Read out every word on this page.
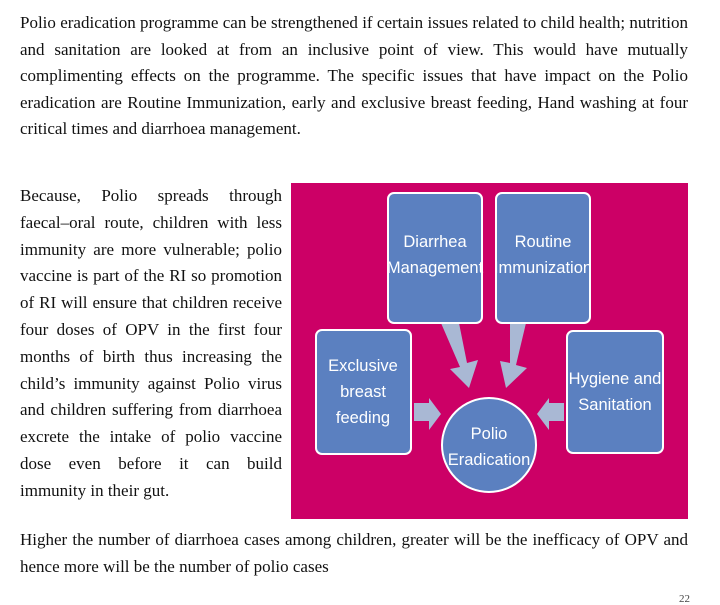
Polio eradication programme can be strengthened if certain issues related to child health; nutrition and sanitation are looked at from an inclusive point of view. This would have mutually complimenting effects on the programme. The specific issues that have impact on the Polio eradication are Routine Immunization, early and exclusive breast feeding, Hand washing at four critical times and diarrhoea management.

Because, Polio spreads through faecal–oral route, children with less immunity are more vulnerable; polio vaccine is part of the RI so promotion of RI will ensure that children receive four doses of OPV in the first four months of birth thus increasing the child’s immunity against Polio virus and children suffering from diarrhoea excrete the intake of polio vaccine dose even before it can build immunity in their gut.

Diarrhea
Management
Routine
Immunization
Exclusive
breast
feeding
Hygiene and
Sanitation
Polio
Eradication

Higher the number of diarrhoea cases among children, greater will be the inefficacy of OPV and hence more will be the number of polio cases

22
